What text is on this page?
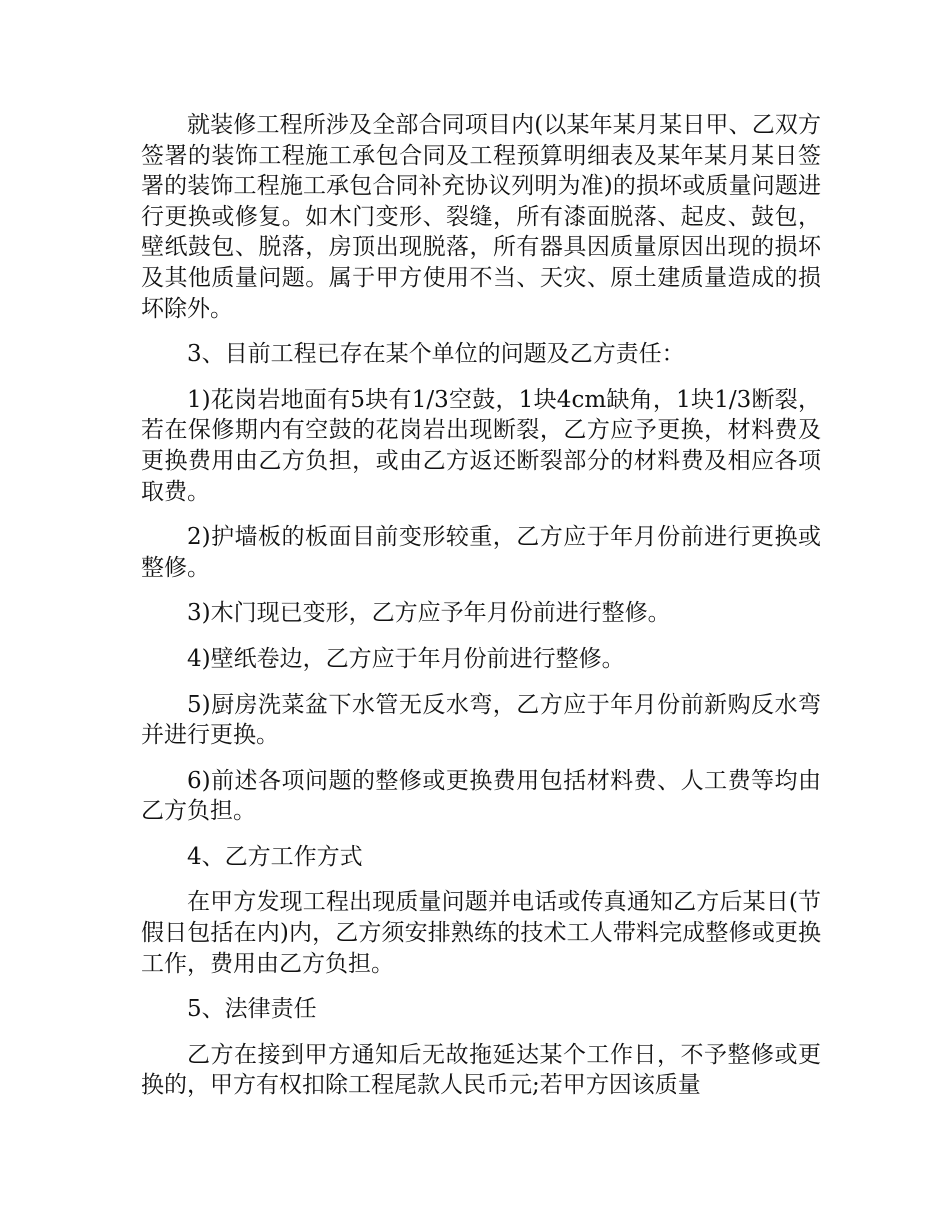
就装修工程所涉及全部合同项目内(以某年某月某日甲、乙双方签署的装饰工程施工承包合同及工程预算明细表及某年某月某日签署的装饰工程施工承包合同补充协议列明为准)的损坏或质量问题进行更换或修复。如木门变形、裂缝，所有漆面脱落、起皮、鼓包，壁纸鼓包、脱落，房顶出现脱落，所有器具因质量原因出现的损坏及其他质量问题。属于甲方使用不当、天灾、原土建质量造成的损坏除外。

3、目前工程已存在某个单位的问题及乙方责任：

1)花岗岩地面有5块有1/3空鼓，1块4cm缺角，1块1/3断裂，若在保修期内有空鼓的花岗岩出现断裂，乙方应予更换，材料费及更换费用由乙方负担，或由乙方返还断裂部分的材料费及相应各项取费。

2)护墙板的板面目前变形较重，乙方应于年月份前进行更换或整修。

3)木门现已变形，乙方应予年月份前进行整修。

4)壁纸卷边，乙方应于年月份前进行整修。

5)厨房洗菜盆下水管无反水弯，乙方应于年月份前新购反水弯并进行更换。

6)前述各项问题的整修或更换费用包括材料费、人工费等均由乙方负担。

4、乙方工作方式

在甲方发现工程出现质量问题并电话或传真通知乙方后某日(节假日包括在内)内，乙方须安排熟练的技术工人带料完成整修或更换工作，费用由乙方负担。

5、法律责任

乙方在接到甲方通知后无故拖延达某个工作日，不予整修或更换的，甲方有权扣除工程尾款人民币元;若甲方因该质量
